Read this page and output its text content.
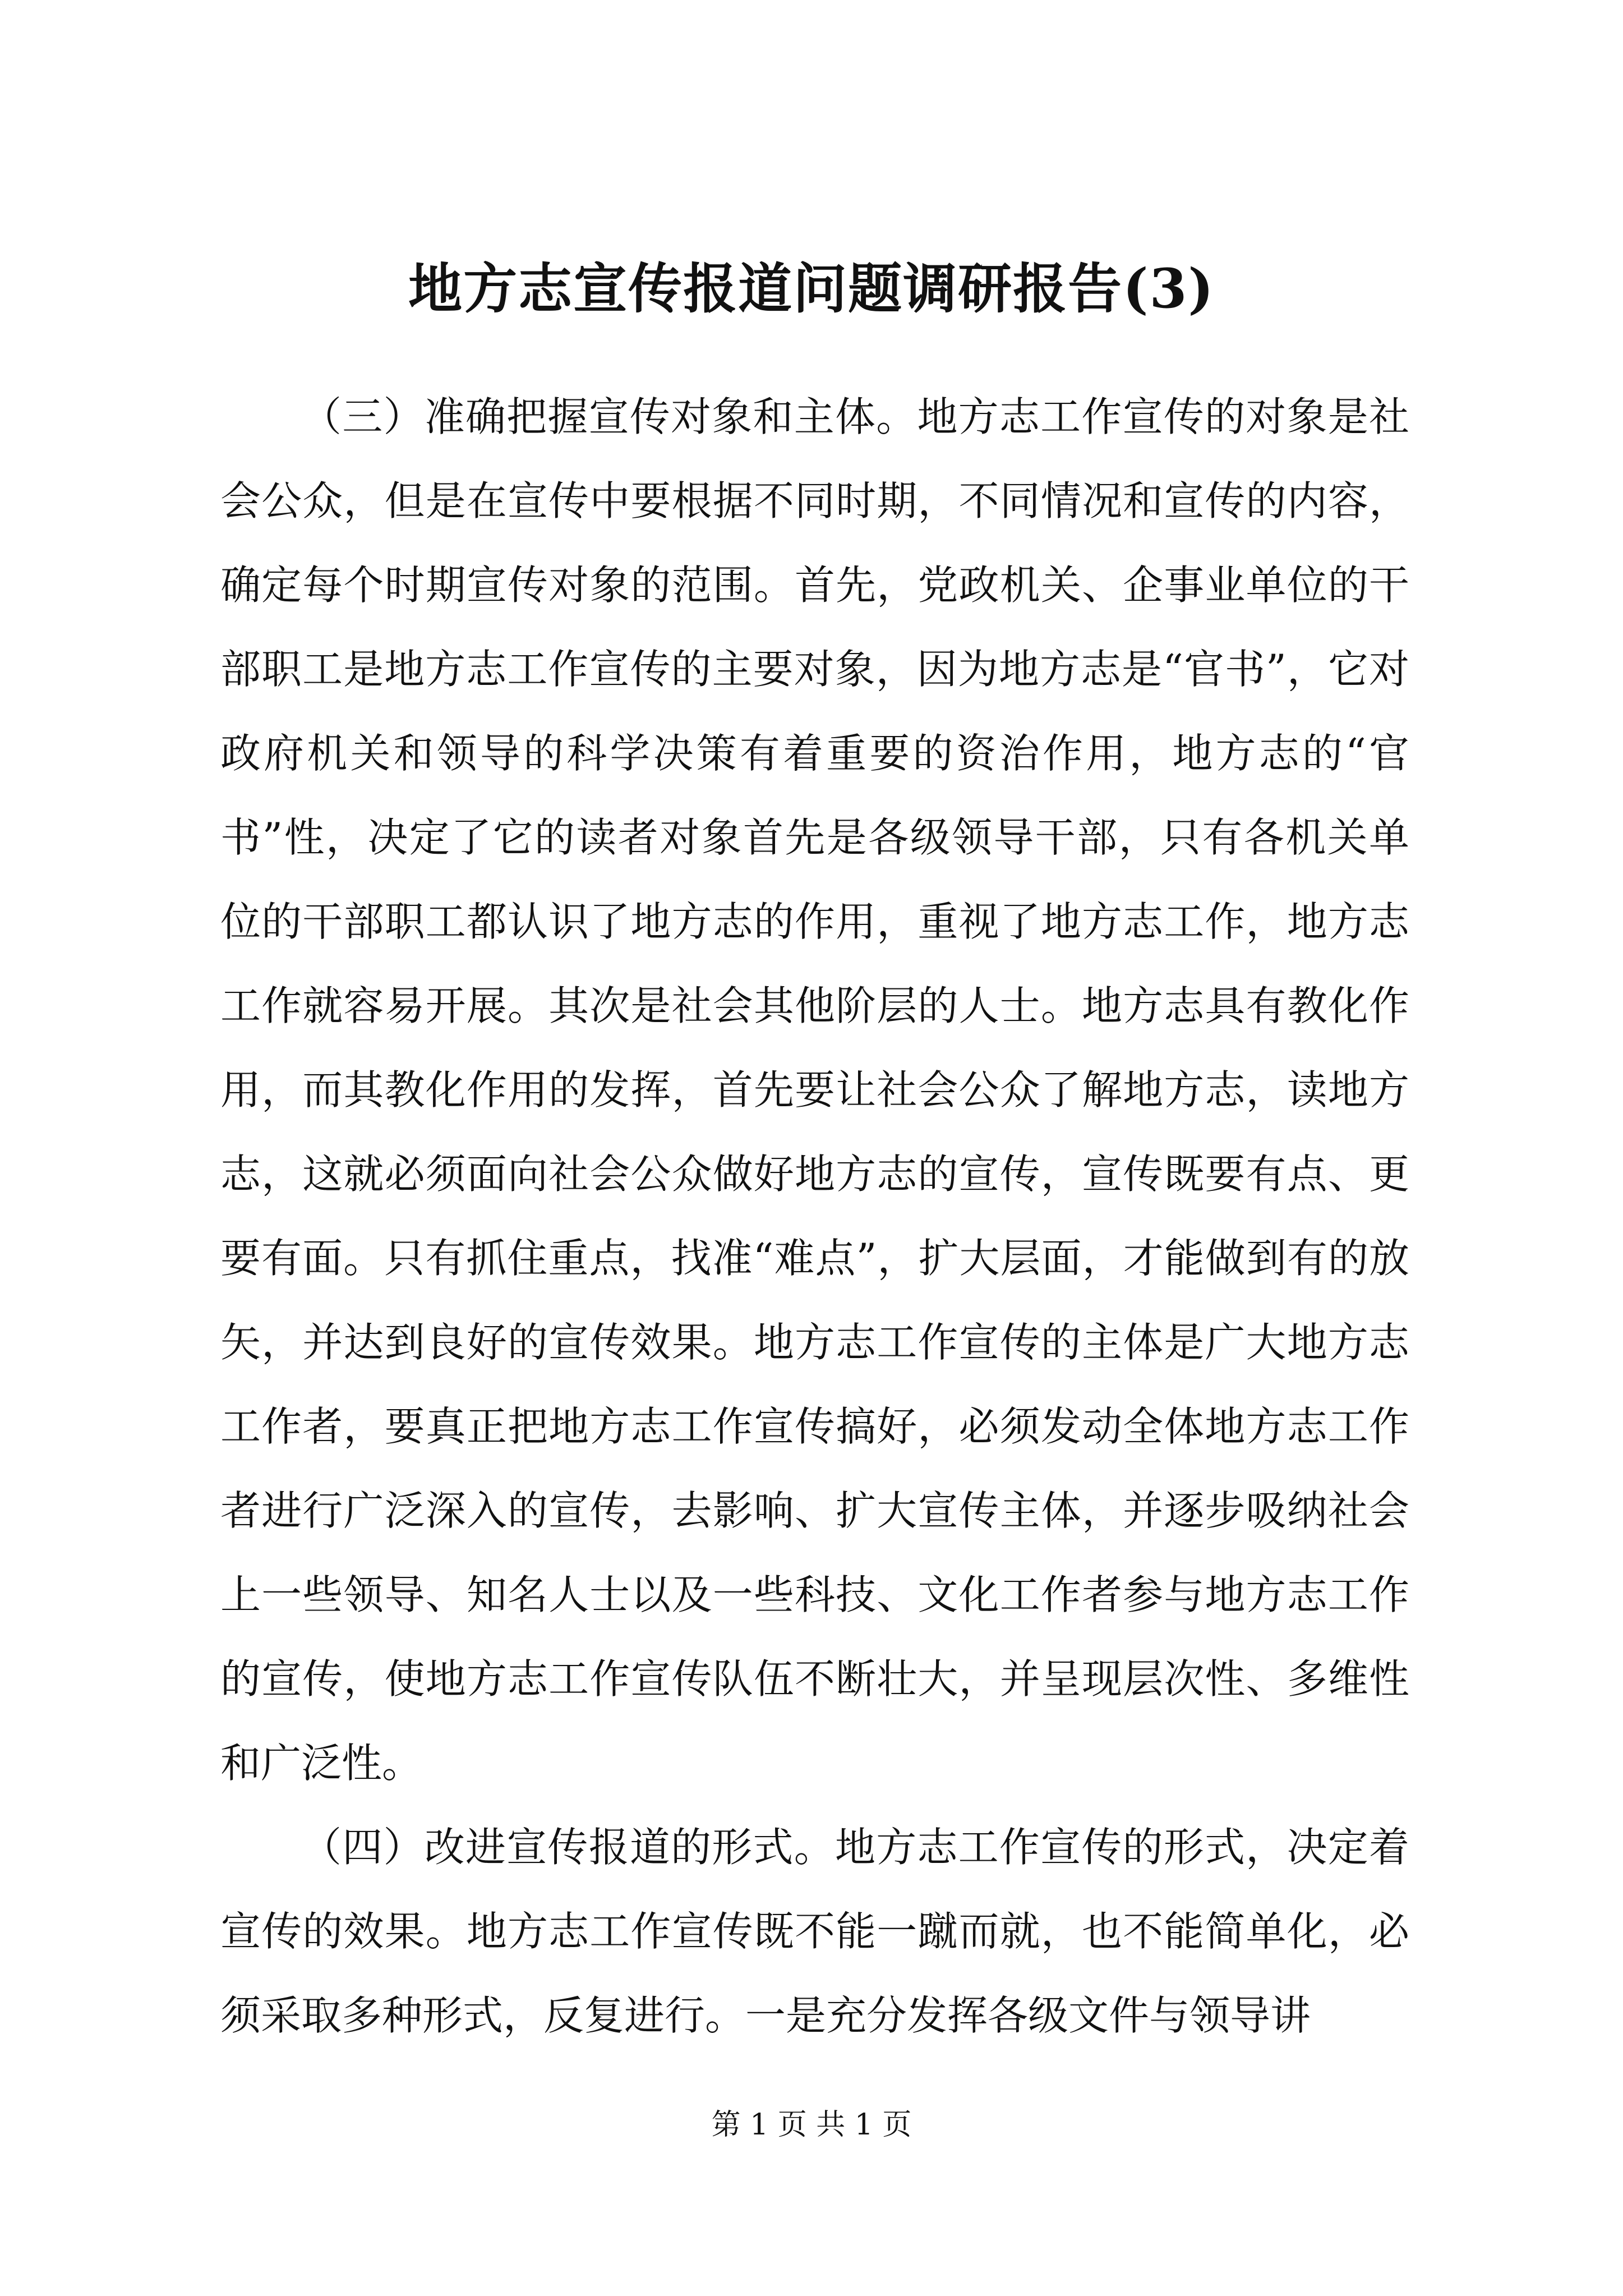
地方志宣传报道问题调研报告(3)

（三）准确把握宣传对象和主体。地方志工作宣传的对象是社会公众，但是在宣传中要根据不同时期，不同情况和宣传的内容，确定每个时期宣传对象的范围。首先，党政机关、企事业单位的干部职工是地方志工作宣传的主要对象，因为地方志是“官书”，它对政府机关和领导的科学决策有着重要的资治作用，地方志的“官书”性，决定了它的读者对象首先是各级领导干部，只有各机关单位的干部职工都认识了地方志的作用，重视了地方志工作，地方志工作就容易开展。其次是社会其他阶层的人士。地方志具有教化作用，而其教化作用的发挥，首先要让社会公众了解地方志，读地方志，这就必须面向社会公众做好地方志的宣传，宣传既要有点、更要有面。只有抓住重点，找准“难点”，扩大层面，才能做到有的放矢，并达到良好的宣传效果。地方志工作宣传的主体是广大地方志工作者，要真正把地方志工作宣传搞好，必须发动全体地方志工作者进行广泛深入的宣传，去影响、扩大宣传主体，并逐步吸纳社会上一些领导、知名人士以及一些科技、文化工作者参与地方志工作的宣传，使地方志工作宣传队伍不断壮大，并呈现层次性、多维性和广泛性。

（四）改进宣传报道的形式。地方志工作宣传的形式，决定着宣传的效果。地方志工作宣传既不能一蹴而就，也不能简单化，必须采取多种形式，反复进行。一是充分发挥各级文件与领导讲

第 1 页 共 1 页
